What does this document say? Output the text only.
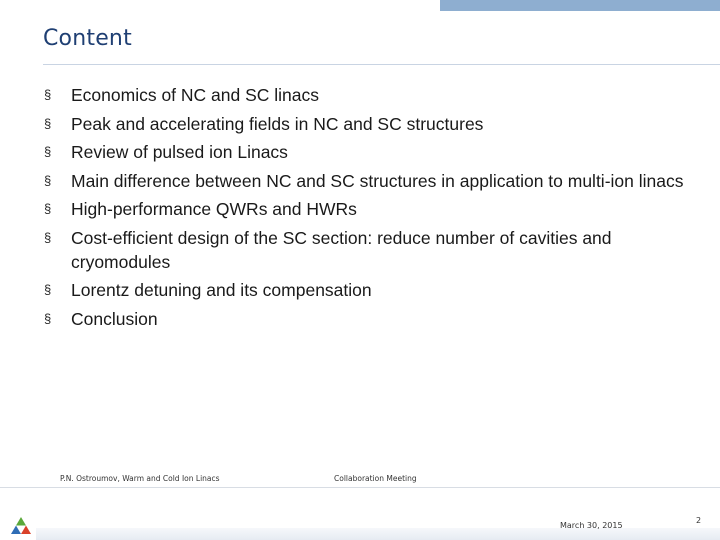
Content
§ Economics of NC and SC linacs
§ Peak and accelerating fields in NC and SC structures
§ Review of pulsed ion Linacs
§ Main difference between NC and SC structures in application to multi-ion linacs
§ High-performance QWRs and HWRs
§ Cost-efficient design of the SC section: reduce number of cavities and cryomodules
§ Lorentz detuning and its compensation
§ Conclusion
P.N. Ostroumov, Warm and Cold Ion Linacs	Collaboration Meeting
March 30, 2015
2
